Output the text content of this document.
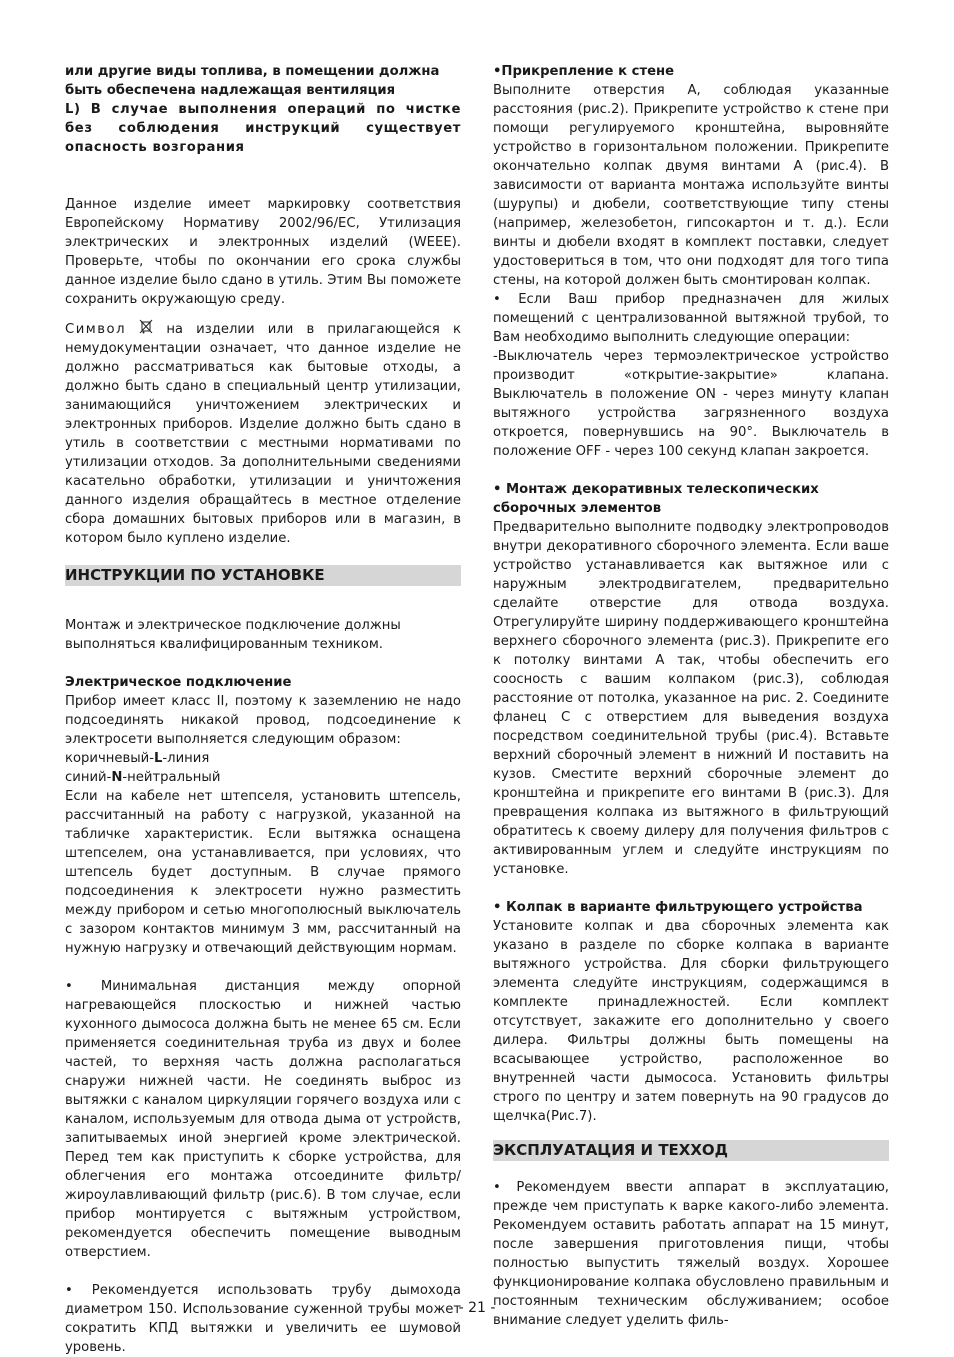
или другие виды топлива, в помещении должна быть обеспечена надлежащая вентиляция

L) В случае выполнения операций по чистке без соблюдения инструкций существует опасность возгорания

Данное изделие имеет маркировку соответствия Европейскому Нормативу 2002/96/ЕС, Утилизация электрических и электронных изделий (WEEE). Проверьте, чтобы по окончании его срока службы данное изделие было сдано в утиль. Этим Вы поможете сохранить окружающую среду.

Символ	на изделии или в прилагающейся к немудокументации означает, что данное изделие не должно рассматриваться как бытовые отходы, а должно быть сдано в специальный центр утилизации, занимающийся уничтожением электрических и электронных приборов. Изделие должно быть сдано в утиль в соответствии с местными нормативами по утилизации отходов. За дополнительными сведениями касательно обработки, утилизации и уничтожения данного изделия обращайтесь в местное отделение сбора домашних бытовых приборов или в магазин, в котором было куплено изделие.

ИНСТРУКЦИИ ПО УСТАНОВКЕ

Монтаж и электрическое подключение должны выполняться квалифицированным техником.

Электрическое подключение

Прибор имеет класс II, поэтому к заземлению не надо подсоединять никакой провод, подсоединение к электросети выполняется следующим образом:

коричневый-L-линия

синий-N-нейтральный

Если на кабеле нет штепселя, установить штепсель, рассчитанный на работу с нагрузкой, указанной на табличке характеристик. Если вытяжка оснащена штепселем, она устанавливается, при условиях, что штепсель будет доступным. В случае прямого подсоединения к электросети нужно разместить между прибором и сетью многополюсный выключатель с зазором контактов минимум 3 мм, рассчитанный на нужную нагрузку и отвечающий действующим нормам.

• Минимальная дистанция между опорной нагревающейся плоскостью и нижней частью кухонного дымососа должна быть не менее 65 см. Если применяется соединительная труба из двух и более частей, то верхняя часть должна располагаться снаружи нижней части. Не соединять выброс из вытяжки с каналом циркуляции горячего воздуха или с каналом, используемым для отвода дыма от устройств, запитываемых иной энергией кроме электрической. Перед тем как приступить к сборке устройства, для облегчения его монтажа отсоедините фильтр/жироулавливающий фильтр (рис.6). В том случае, если прибор монтируется с вытяжным устройством, рекомендуется обеспечить помещение выводным отверстием.

• Рекомендуется использовать трубу дымохода диаметром 150. Использование суженной трубы может сократить КПД вытяжки и увеличить ее шумовой уровень.

•Прикрепление к стене

Выполните отверстия А, соблюдая указанные расстояния (рис.2). Прикрепите устройство к стене при помощи регулируемого кронштейна, выровняйте устройство в горизонтальном положении. Прикрепите окончательно колпак двумя винтами А (рис.4). В зависимости от варианта монтажа используйте винты (шурупы) и дюбели, соответствующие типу стены (например, железобетон, гипсокартон и т. д.). Если винты и дюбели входят в комплект поставки, следует удостовериться в том, что они подходят для того типа стены, на которой должен быть смонтирован колпак.

• Если Ваш прибор предназначен для жилых помещений с централизованной вытяжной трубой, то Вам необходимо выполнить следующие операции:

-Выключатель через термоэлектрическое устройство производит «открытие-закрытие» клапана. Выключатель в положение ON - через минуту клапан вытяжного устройства загрязненного воздуха откроется, повернувшись на 90°. Выключатель в положение OFF - через 100 секунд клапан закроется.

• Монтаж декоративных телескопических сборочных элементов

Предварительно выполните подводку электропроводов внутри декоративного сборочного элемента. Если ваше устройство устанавливается как вытяжное или с наружным электродвигателем, предварительно сделайте отверстие для отвода воздуха. Отрегулируйте ширину поддерживающего кронштейна верхнего сборочного элемента (рис.3). Прикрепите его к потолку винтами А так, чтобы обеспечить его соосность с вашим колпаком (рис.3), соблюдая расстояние от потолка, указанное на рис. 2. Соедините фланец С с отверстием для выведения воздуха посредством соединительной трубы (рис.4). Вставьте верхний сборочный элемент в нижний И поставить на кузов. Сместите верхний сборочные элемент до кронштейна и прикрепите его винтами В (рис.3). Для превращения колпака из вытяжного в фильтрующий обратитесь к своему дилеру для получения фильтров с активированным углем и следуйте инструкциям по установке.

• Колпак в варианте фильтрующего устройства

Установите колпак и два сборочных элемента как указано в разделе по сборке колпака в варианте вытяжного устройства. Для сборки фильтрующего элемента следуйте инструкциям, содержащимся в комплекте принадлежностей. Если комплект отсутствует, закажите его дополнительно у своего дилера. Фильтры должны быть помещены на всасывающее устройство, расположенное во внутренней части дымососа. Установить фильтры строго по центру и затем повернуть на 90 градусов до щелчка(Рис.7).

ЭКСПЛУАТАЦИЯ И ТЕХХОД

• Рекомендуем ввести аппарат в эксплуатацию, прежде чем приступать к варке какого-либо элемента. Рекомендуем оставить работать аппарат на 15 минут, после завершения приготовления пищи, чтобы полностью выпустить тяжелый воздух. Хорошее функционирование колпака обусловлено правильным и постоянным техническим обслуживанием; особое внимание следует уделить филь-

- 21 -
